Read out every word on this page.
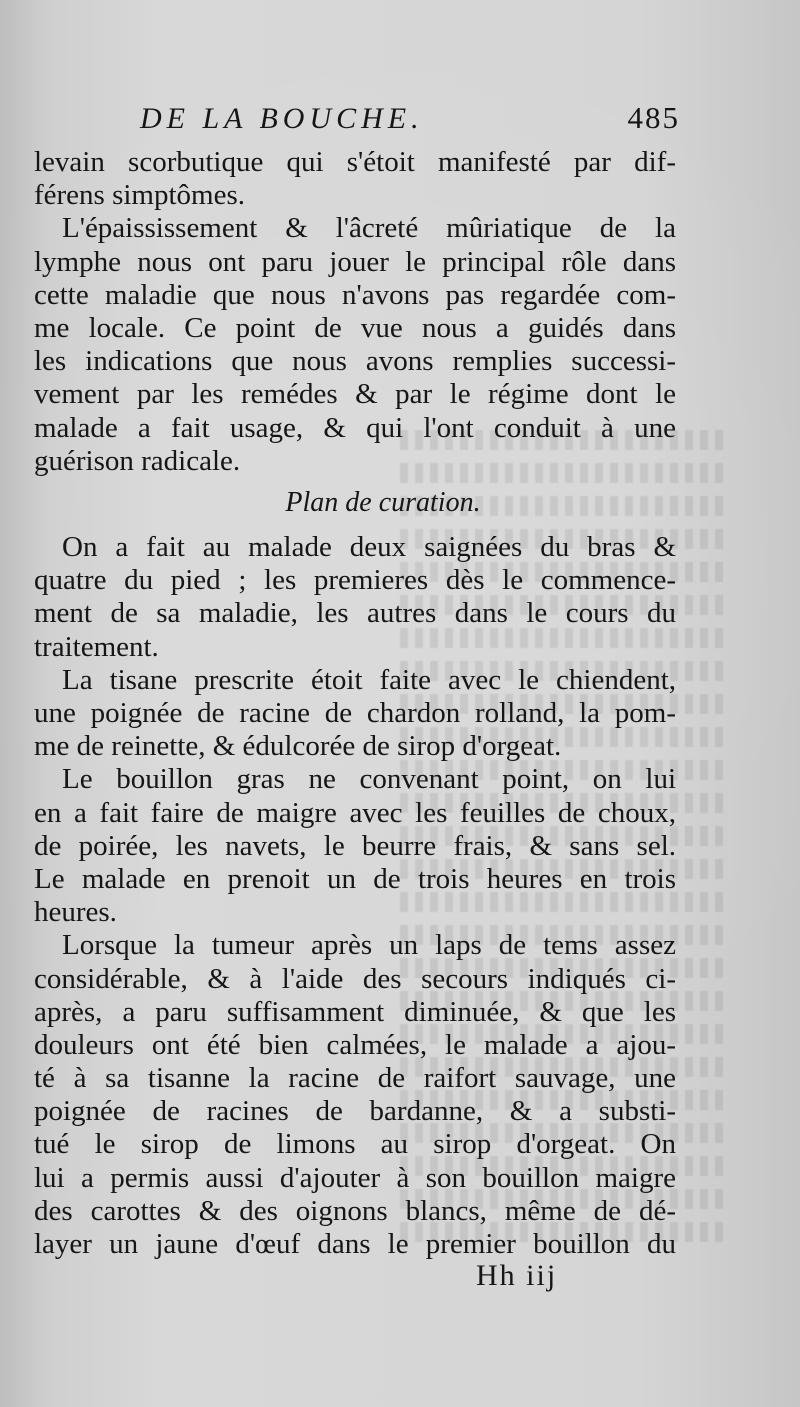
DE LA BOUCHE.	485
levain scorbutique qui s'étoit manifesté par dif-
férens simptômes.
L'épaississement & l'âcreté mûriatique de la
lymphe nous ont paru jouer le principal rôle dans
cette maladie que nous n'avons pas regardée com-
me locale. Ce point de vue nous a guidés dans
les indications que nous avons remplies successi-
vement par les remédes & par le régime dont le
malade a fait usage, & qui l'ont conduit à une
guérison radicale.
Plan de curation.
On a fait au malade deux saignées du bras &
quatre du pied ; les premieres dès le commence-
ment de sa maladie, les autres dans le cours du
traitement.
La tisane prescrite étoit faite avec le chiendent,
une poignée de racine de chardon rolland, la pom-
me de reinette, & édulcorée de sirop d'orgeat.
Le bouillon gras ne convenant point, on lui
en a fait faire de maigre avec les feuilles de choux,
de poirée, les navets, le beurre frais, & sans sel.
Le malade en prenoit un de trois heures en trois
heures.
Lorsque la tumeur après un laps de tems assez
considérable, & à l'aide des secours indiqués ci-
après, a paru suffisamment diminuée, & que les
douleurs ont été bien calmées, le malade a ajou-
té à sa tisanne la racine de raifort sauvage, une
poignée de racines de bardanne, & a substi-
tué le sirop de limons au sirop d'orgeat. On
lui a permis aussi d'ajouter à son bouillon maigre
des carottes & des oignons blancs, même de dé-
layer un jaune d'œuf dans le premier bouillon du
Hh iij
